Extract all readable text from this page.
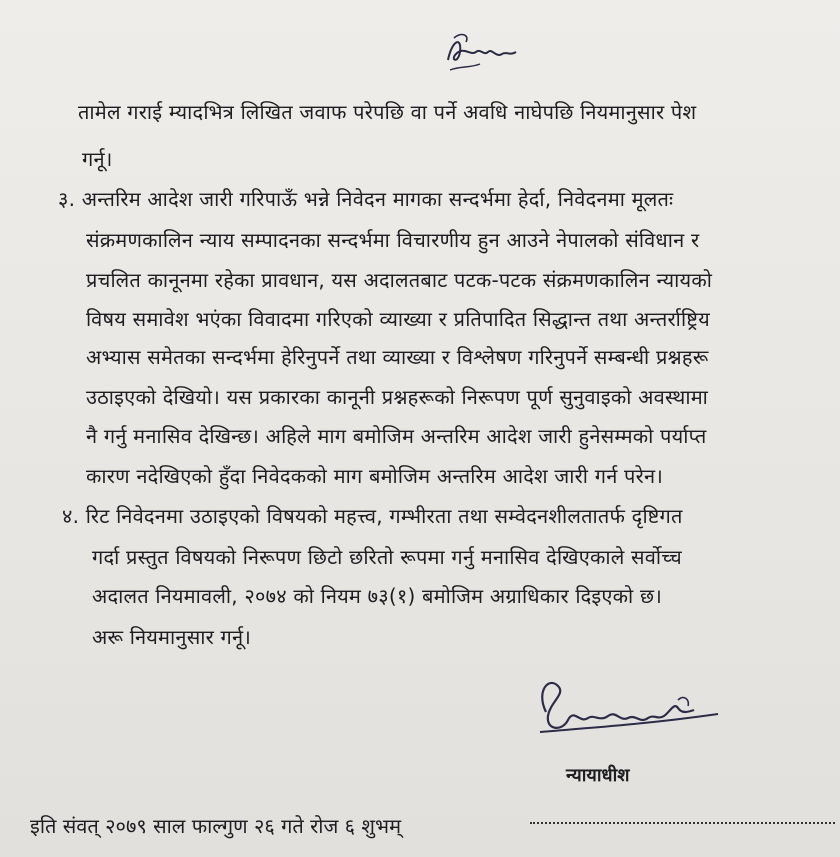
तामेल गराई म्यादभित्र लिखित जवाफ परेपछि वा पर्ने अवधि नाघेपछि नियमानुसार पेश
गर्नू।
३. अन्तरिम आदेश जारी गरिपाऊँ भन्ने निवेदन मागका सन्दर्भमा हेर्दा, निवेदनमा मूलतः
संक्रमणकालिन न्याय सम्पादनका सन्दर्भमा विचारणीय हुन आउने नेपालको संविधान र
प्रचलित कानूनमा रहेका प्रावधान, यस अदालतबाट पटक-पटक संक्रमणकालिन न्यायको
विषय समावेश भएंका विवादमा गरिएको व्याख्या र प्रतिपादित सिद्धान्त तथा अन्तर्राष्ट्रिय
अभ्यास समेतका सन्दर्भमा हेरिनुपर्ने तथा व्याख्या र विश्लेषण गरिनुपर्ने सम्बन्धी प्रश्नहरू
उठाइएको देखियो। यस प्रकारका कानूनी प्रश्नहरूको निरूपण पूर्ण सुनुवाइको अवस्थामा
नै गर्नु मनासिव देखिन्छ। अहिले माग बमोजिम अन्तरिम आदेश जारी हुनेसम्मको पर्याप्त
कारण नदेखिएको हुँदा निवेदकको माग बमोजिम अन्तरिम आदेश जारी गर्न परेन।
४. रिट निवेदनमा उठाइएको विषयको महत्त्व, गम्भीरता तथा सम्वेदनशीलतातर्फ दृष्टिगत
गर्दा प्रस्तुत विषयको निरूपण छिटो छरितो रूपमा गर्नु मनासिव देखिएकाले सर्वोच्च
अदालत नियमावली, २०७४ को नियम ७३(१) बमोजिम अग्राधिकार दिइएको छ।
अरू नियमानुसार गर्नू।
न्यायाधीश
इति संवत् २०७९ साल फाल्गुण २६ गते रोज ६ शुभम्
